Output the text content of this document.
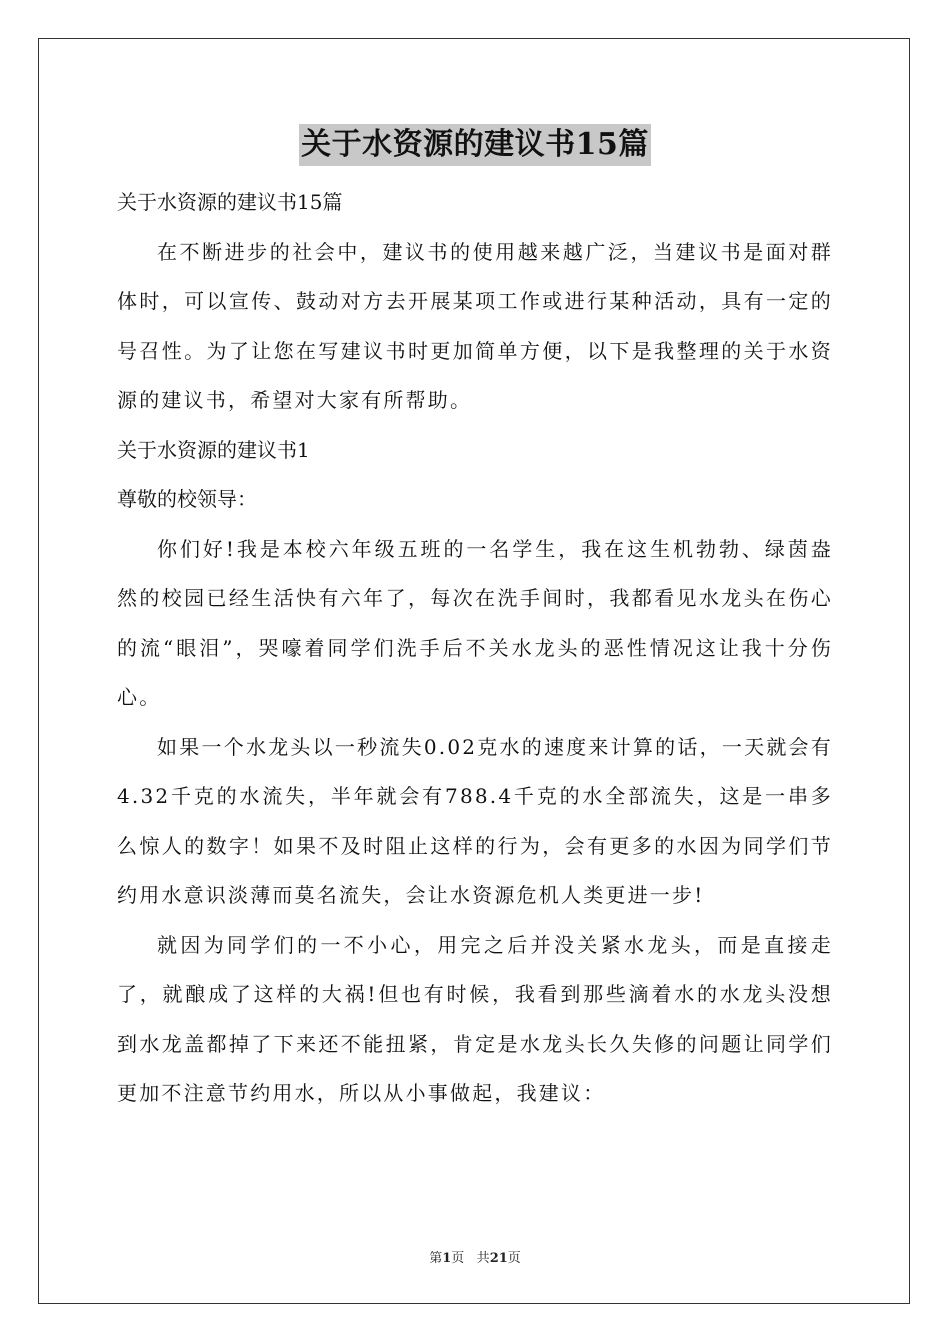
关于水资源的建议书15篇
关于水资源的建议书15篇
在不断进步的社会中，建议书的使用越来越广泛，当建议书是面对群体时，可以宣传、鼓动对方去开展某项工作或进行某种活动，具有一定的号召性。为了让您在写建议书时更加简单方便，以下是我整理的关于水资源的建议书，希望对大家有所帮助。
关于水资源的建议书1
尊敬的校领导：
你们好!我是本校六年级五班的一名学生，我在这生机勃勃、绿茵盎然的校园已经生活快有六年了，每次在洗手间时，我都看见水龙头在伤心的流“眼泪”，哭嚎着同学们洗手后不关水龙头的恶性情况这让我十分伤心。
如果一个水龙头以一秒流失0.02克水的速度来计算的话，一天就会有4.32千克的水流失，半年就会有788.4千克的水全部流失，这是一串多么惊人的数字！如果不及时阻止这样的行为，会有更多的水因为同学们节约用水意识淡薄而莫名流失，会让水资源危机人类更进一步!
就因为同学们的一不小心，用完之后并没关紧水龙头，而是直接走了，就酿成了这样的大祸!但也有时候，我看到那些滴着水的水龙头没想到水龙盖都掉了下来还不能扭紧，肯定是水龙头长久失修的问题让同学们更加不注意节约用水，所以从小事做起，我建议：
第1页 共21页
